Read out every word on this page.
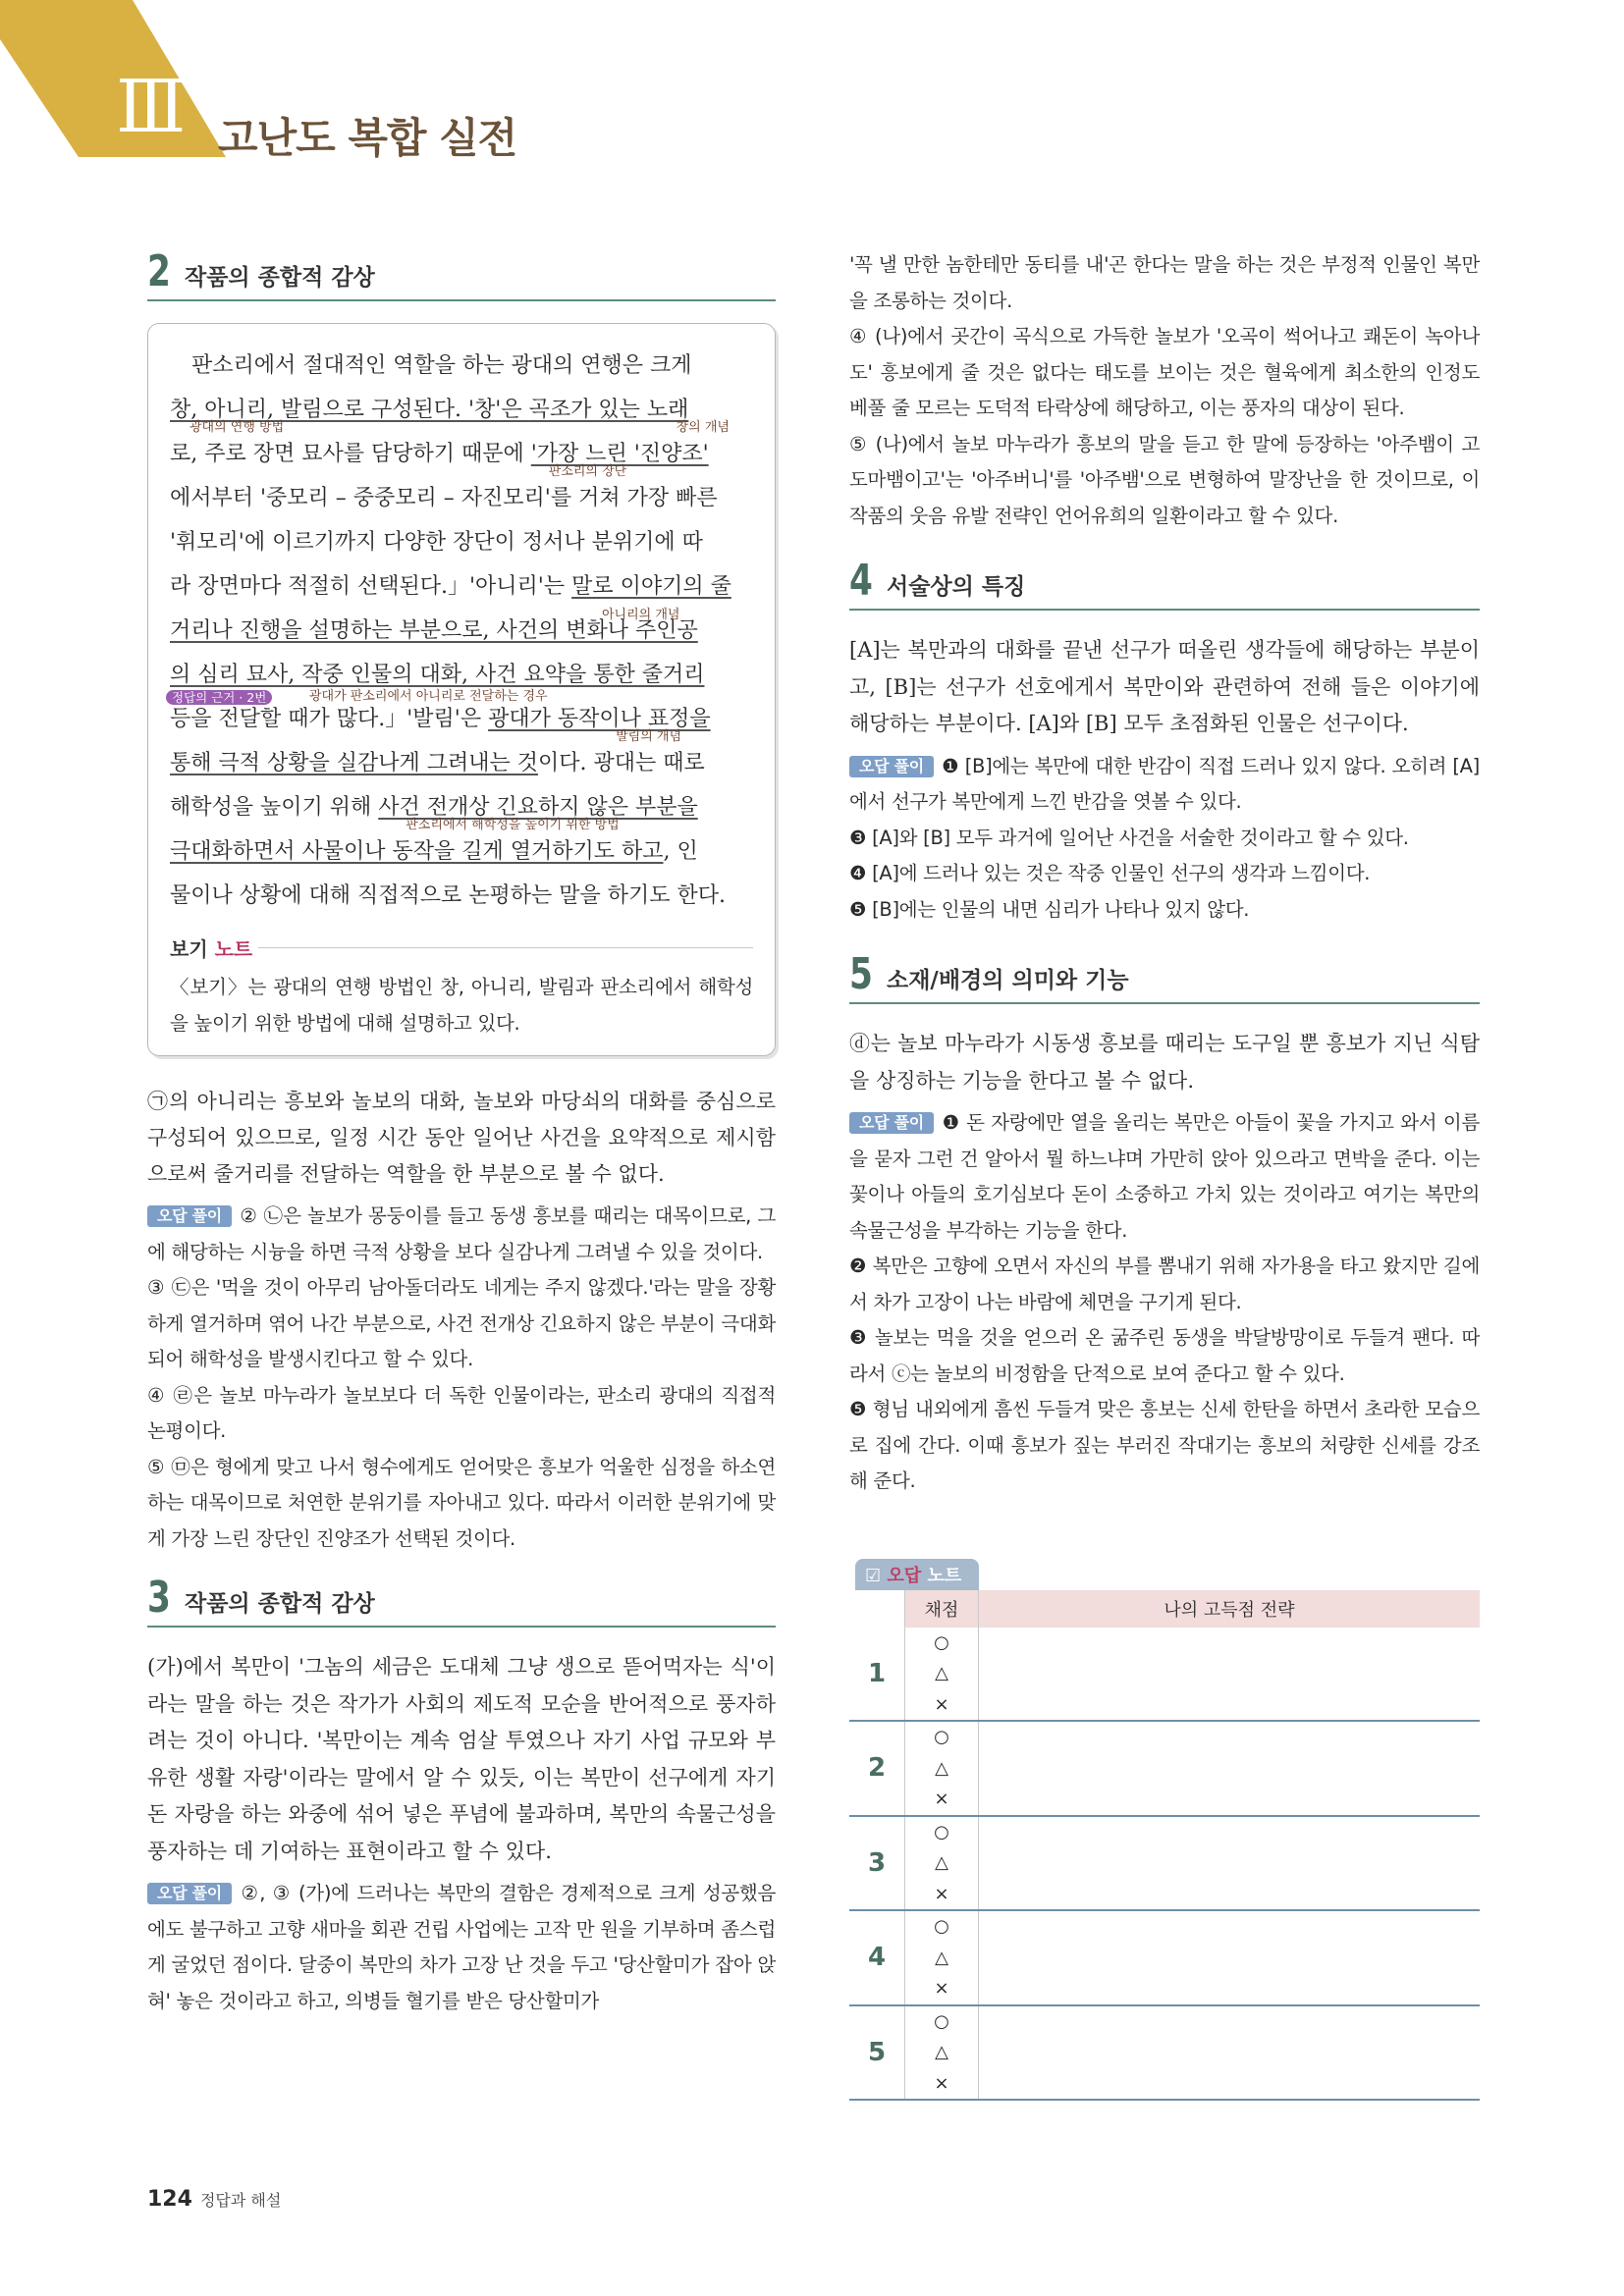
Ⅲ 고난도 복합 실전
2 작품의 종합적 감상
판소리에서 절대적인 역할을 하는 광대의 연행은 크게
광대의 연행 방법
창, 아니리, 발림으로 구성된다. '창'은
창의 개념
곡조가 있는 노래
로, 주로 장면 묘사를 담당하기 때문에
판소리의 장단
'가장 느린 '진양조'
에서부터 '중모리 – 중중모리 – 자진모리'를 거쳐 가장 빠른
'휘모리'에 이르기까지 다양한 장단이 정서나 분위기에 따
라 장면마다 적절히 선택된다.」'아니리'는 말로 이야기의 줄
아니리의 개념
거리나 진행을 설명하는 부분으로, 사건의 변화나 주인공
정답의 근거 · 2번	광대가 판소리에서 아니리로 전달하는 경우
의 심리 묘사, 작중 인물의 대화, 사건 요약을 통한 줄거리
등을 전달할 때가 많다.」'발림'은
발림의 개념
광대가 동작이나 표정을
통해 극적 상황을 실감나게 그려내는 것이다. 광대는 때로
해학성을 높이기 위해
판소리에서 해학성을 높이기 위한 방법
사건 전개상 긴요하지 않은 부분을
극대화하면서 사물이나 동작을 길게 열거하기도 하고, 인
물이나 상황에 대해 직접적으로 논평하는 말을 하기도 한다.
보기 노트
〈보기〉는 광대의 연행 방법인 창, 아니리, 발림과 판소리에서 해학성을 높이기 위한 방법에 대해 설명하고 있다.
㉠의 아니리는 흥보와 놀보의 대화, 놀보와 마당쇠의 대화를 중심으로 구성되어 있으므로, 일정 시간 동안 일어난 사건을 요약적으로 제시함으로써 줄거리를 전달하는 역할을 한 부분으로 볼 수 없다.
오답 풀이 ② ㉡은 놀보가 몽둥이를 들고 동생 흥보를 때리는 대목이므로, 그에 해당하는 시늉을 하면 극적 상황을 보다 실감나게 그려낼 수 있을 것이다.
③ ㉢은 '먹을 것이 아무리 남아돌더라도 네게는 주지 않겠다.'라는 말을 장황하게 열거하며 엮어 나간 부분으로, 사건 전개상 긴요하지 않은 부분이 극대화되어 해학성을 발생시킨다고 할 수 있다.
④ ㉣은 놀보 마누라가 놀보보다 더 독한 인물이라는, 판소리 광대의 직접적 논평이다.
⑤ ㉤은 형에게 맞고 나서 형수에게도 얻어맞은 흥보가 억울한 심정을 하소연하는 대목이므로 처연한 분위기를 자아내고 있다. 따라서 이러한 분위기에 맞게 가장 느린 장단인 진양조가 선택된 것이다.
3 작품의 종합적 감상
(가)에서 복만이 '그놈의 세금은 도대체 그냥 생으로 뜯어먹자는 식'이라는 말을 하는 것은 작가가 사회의 제도적 모순을 반어적으로 풍자하려는 것이 아니다. '복만이는 계속 엄살 투였으나 자기 사업 규모와 부유한 생활 자랑'이라는 말에서 알 수 있듯, 이는 복만이 선구에게 자기 돈 자랑을 하는 와중에 섞어 넣은 푸념에 불과하며, 복만의 속물근성을 풍자하는 데 기여하는 표현이라고 할 수 있다.
오답 풀이 ②, ③ (가)에 드러나는 복만의 결함은 경제적으로 크게 성공했음에도 불구하고 고향 새마을 회관 건립 사업에는 고작 만 원을 기부하며 좀스럽게 굴었던 점이다. 달중이 복만의 차가 고장 난 것을 두고 '당산할미가 잡아 앉혀' 놓은 것이라고 하고, 의병들 혈기를 받은 당산할미가
'꼭 낼 만한 놈한테만 동티를 내'곤 한다는 말을 하는 것은 부정적 인물인 복만을 조롱하는 것이다.
④ (나)에서 곳간이 곡식으로 가득한 놀보가 '오곡이 썩어나고 쾌돈이 녹아나도' 흥보에게 줄 것은 없다는 태도를 보이는 것은 혈육에게 최소한의 인정도 베풀 줄 모르는 도덕적 타락상에 해당하고, 이는 풍자의 대상이 된다.
⑤ (나)에서 놀보 마누라가 흥보의 말을 듣고 한 말에 등장하는 '아주뱀이 고 도마뱀이고'는 '아주버니'를 '아주뱀'으로 변형하여 말장난을 한 것이므로, 이 작품의 웃음 유발 전략인 언어유희의 일환이라고 할 수 있다.
4 서술상의 특징
[A]는 복만과의 대화를 끝낸 선구가 떠올린 생각들에 해당하는 부분이고, [B]는 선구가 선호에게서 복만이와 관련하여 전해 들은 이야기에 해당하는 부분이다. [A]와 [B] 모두 초점화된 인물은 선구이다.
오답 풀이 ❶ [B]에는 복만에 대한 반감이 직접 드러나 있지 않다. 오히려 [A]에서 선구가 복만에게 느낀 반감을 엿볼 수 있다.
❸ [A]와 [B] 모두 과거에 일어난 사건을 서술한 것이라고 할 수 있다.
❹ [A]에 드러나 있는 것은 작중 인물인 선구의 생각과 느낌이다.
❺ [B]에는 인물의 내면 심리가 나타나 있지 않다.
5 소재/배경의 의미와 기능
ⓓ는 놀보 마누라가 시동생 흥보를 때리는 도구일 뿐 흥보가 지닌 식탐을 상징하는 기능을 한다고 볼 수 없다.
오답 풀이 ❶ 돈 자랑에만 열을 올리는 복만은 아들이 꽃을 가지고 와서 이름을 묻자 그런 건 알아서 뭘 하느냐며 가만히 앉아 있으라고 면박을 준다. 이는 꽃이나 아들의 호기심보다 돈이 소중하고 가치 있는 것이라고 여기는 복만의 속물근성을 부각하는 기능을 한다.
❷ 복만은 고향에 오면서 자신의 부를 뽐내기 위해 자가용을 타고 왔지만 길에서 차가 고장이 나는 바람에 체면을 구기게 된다.
❸ 놀보는 먹을 것을 얻으러 온 굶주린 동생을 박달방망이로 두들겨 팬다. 따라서 ⓒ는 놀보의 비정함을 단적으로 보여 준다고 할 수 있다.
❺ 형님 내외에게 흠씬 두들겨 맞은 흥보는 신세 한탄을 하면서 초라한 모습으로 집에 간다. 이때 흥보가 짚는 부러진 작대기는 흥보의 처량한 신세를 강조해 준다.
☑ 오답 노트
	채점	나의 고득점 전략
1	○	
	△	
	×	
2	○	
	△	
	×	
3	○	
	△	
	×	
4	○	
	△	
	×	
5	○	
	△	
	×	
124 정답과 해설
